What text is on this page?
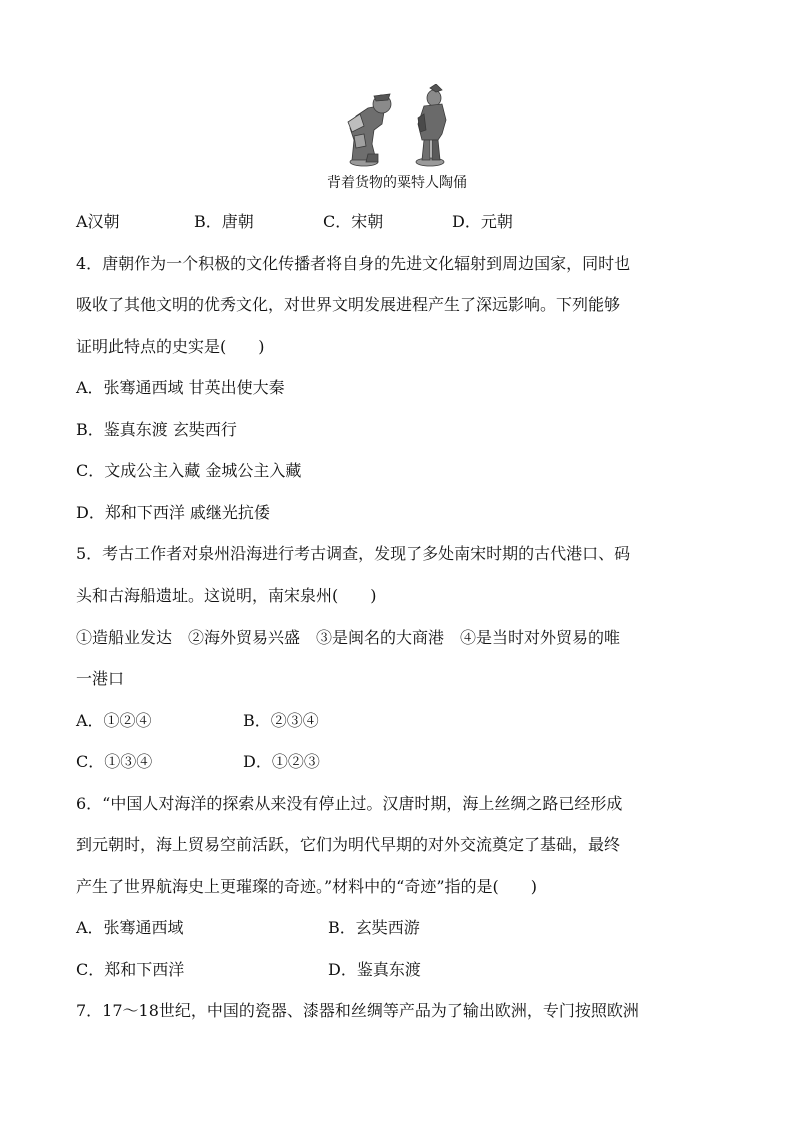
背着货物的粟特人陶俑
A汉朝	B．唐朝	C．宋朝	D．元朝
4．唐朝作为一个积极的文化传播者将自身的先进文化辐射到周边国家，同时也
吸收了其他文明的优秀文化，对世界文明发展进程产生了深远影响。下列能够
证明此特点的史实是(　　)
A．张骞通西域 甘英出使大秦
B．鉴真东渡 玄奘西行
C．文成公主入藏 金城公主入藏
D．郑和下西洋 戚继光抗倭
5．考古工作者对泉州沿海进行考古调查，发现了多处南宋时期的古代港口、码
头和古海船遗址。这说明，南宋泉州(　　)
①造船业发达　②海外贸易兴盛　③是闽名的大商港　④是当时对外贸易的唯
一港口
A．①②④	B．②③④
C．①③④	D．①②③
6．“中国人对海洋的探索从来没有停止过。汉唐时期，海上丝绸之路已经形成
到元朝时，海上贸易空前活跃，它们为明代早期的对外交流奠定了基础，最终
产生了世界航海史上更璀璨的奇迹。”材料中的“奇迹”指的是(　　)
A．张骞通西域	B．玄奘西游
C．郑和下西洋	D．鉴真东渡
7．17～18世纪，中国的瓷器、漆器和丝绸等产品为了输出欧洲，专门按照欧洲
